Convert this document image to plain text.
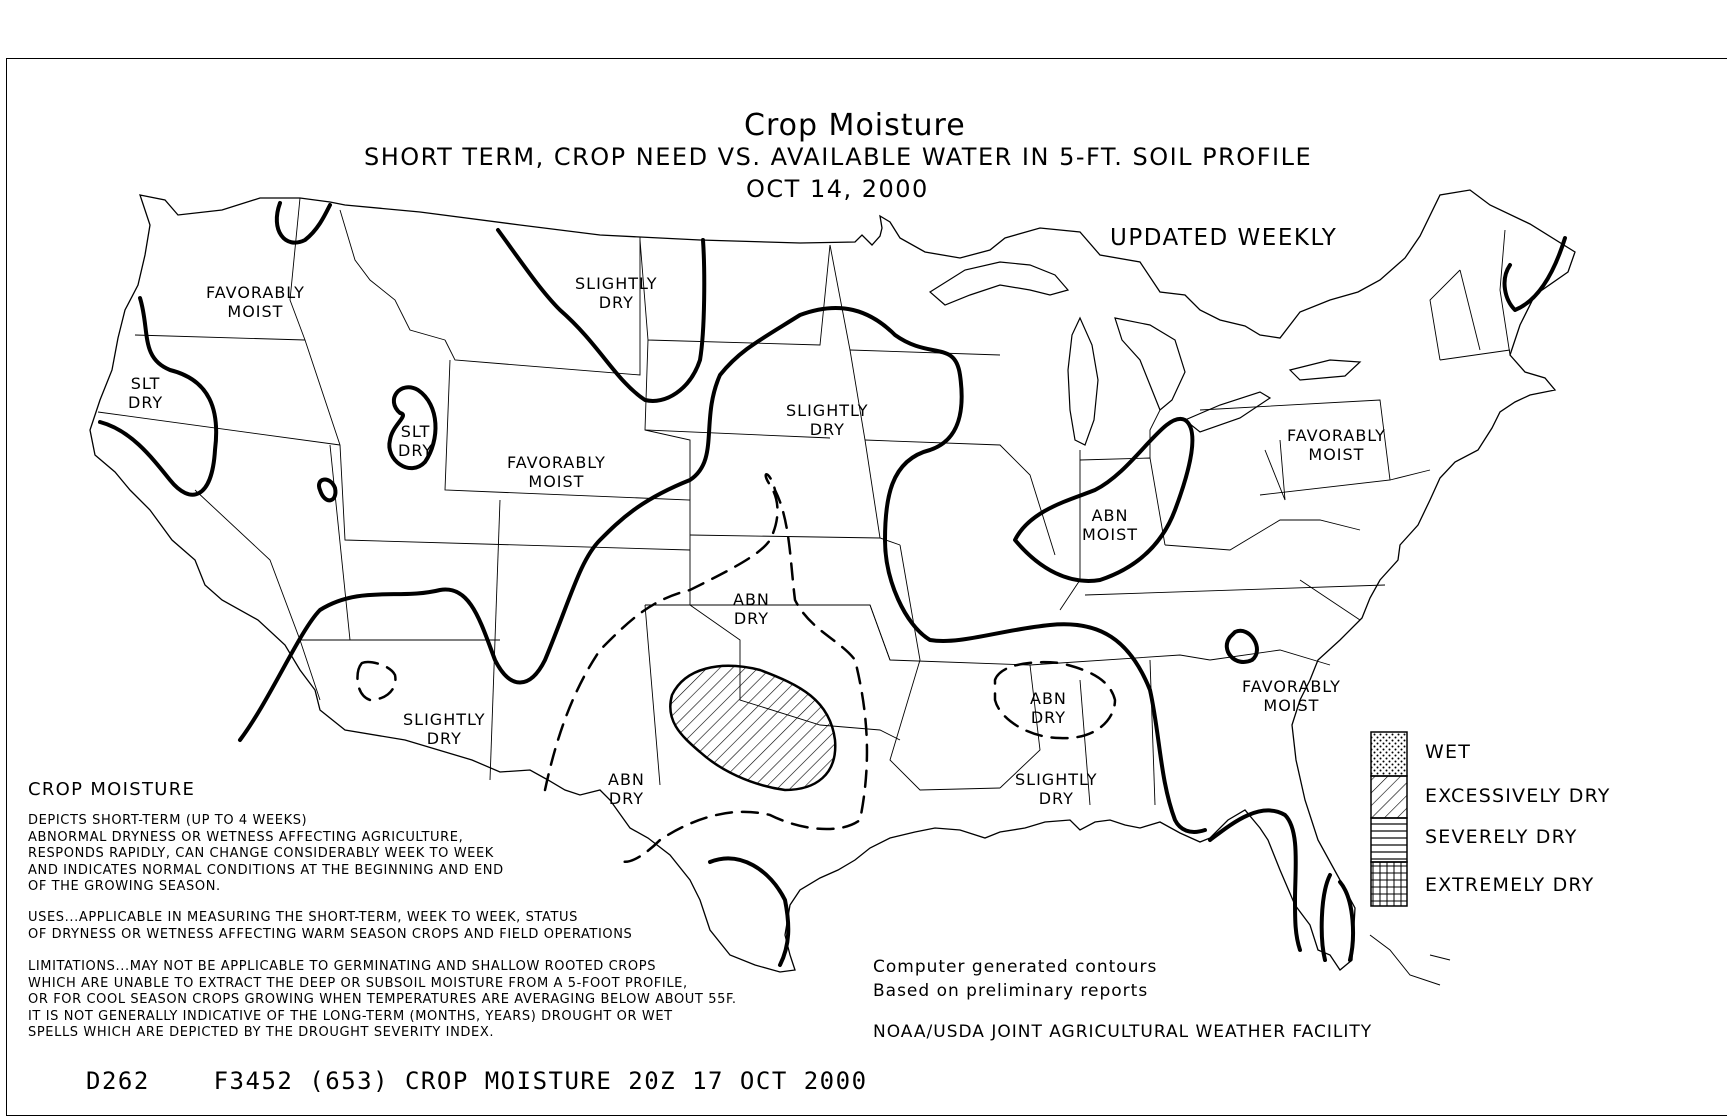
Crop Moisture
SHORT TERM, CROP NEED VS. AVAILABLE WATER IN 5-FT. SOIL PROFILE
OCT 14, 2000
UPDATED WEEKLY
FAVORABLY
MOIST
SLT
DRY
SLT
DRY
SLIGHTLY
DRY
FAVORABLY
MOIST
SLIGHTLY
DRY
ABN
DRY
SLIGHTLY
DRY
ABN
DRY
ABN
MOIST
FAVORABLY
MOIST
ABN
DRY
SLIGHTLY
DRY
FAVORABLY
MOIST
CROP MOISTURE
DEPICTS SHORT-TERM (UP TO 4 WEEKS)
ABNORMAL DRYNESS OR WETNESS AFFECTING AGRICULTURE,
RESPONDS RAPIDLY, CAN CHANGE CONSIDERABLY WEEK TO WEEK
AND INDICATES NORMAL CONDITIONS AT THE BEGINNING AND END
OF THE GROWING SEASON.
USES...APPLICABLE IN MEASURING THE SHORT-TERM, WEEK TO WEEK, STATUS
OF DRYNESS OR WETNESS AFFECTING WARM SEASON CROPS AND FIELD OPERATIONS
LIMITATIONS...MAY NOT BE APPLICABLE TO GERMINATING AND SHALLOW ROOTED CROPS
WHICH ARE UNABLE TO EXTRACT THE DEEP OR SUBSOIL MOISTURE FROM A 5-FOOT PROFILE,
OR FOR COOL SEASON CROPS GROWING WHEN TEMPERATURES ARE AVERAGING BELOW ABOUT 55F.
IT IS NOT GENERALLY INDICATIVE OF THE LONG-TERM (MONTHS, YEARS) DROUGHT OR WET
SPELLS WHICH ARE DEPICTED BY THE DROUGHT SEVERITY INDEX.
WET
EXCESSIVELY DRY
SEVERELY DRY
EXTREMELY DRY
Computer generated contours
Based on preliminary reports
NOAA/USDA JOINT AGRICULTURAL WEATHER FACILITY
D262    F3452 (653) CROP MOISTURE 20Z 17 OCT 2000
